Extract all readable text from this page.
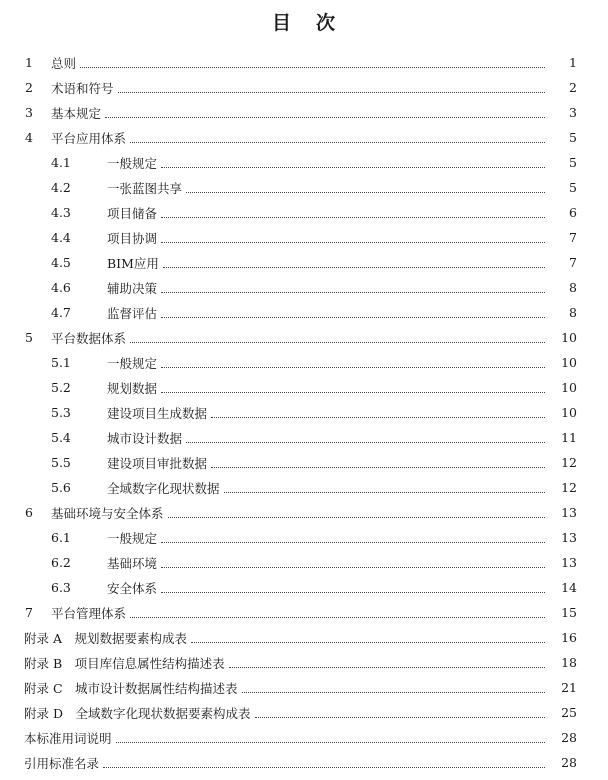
目 次
1	总则	1
2	术语和符号	2
3	基本规定	3
4	平台应用体系	5
4.1	一般规定	5
4.2	一张蓝图共享	5
4.3	项目储备	6
4.4	项目协调	7
4.5	BIM应用	7
4.6	辅助决策	8
4.7	监督评估	8
5	平台数据体系	10
5.1	一般规定	10
5.2	规划数据	10
5.3	建设项目生成数据	10
5.4	城市设计数据	11
5.5	建设项目审批数据	12
5.6	全域数字化现状数据	12
6	基础环境与安全体系	13
6.1	一般规定	13
6.2	基础环境	13
6.3	安全体系	14
7	平台管理体系	15
附录 A　规划数据要素构成表	16
附录 B　项目库信息属性结构描述表	18
附录 C　城市设计数据属性结构描述表	21
附录 D　全域数字化现状数据要素构成表	25
本标准用词说明	28
引用标准名录	28
